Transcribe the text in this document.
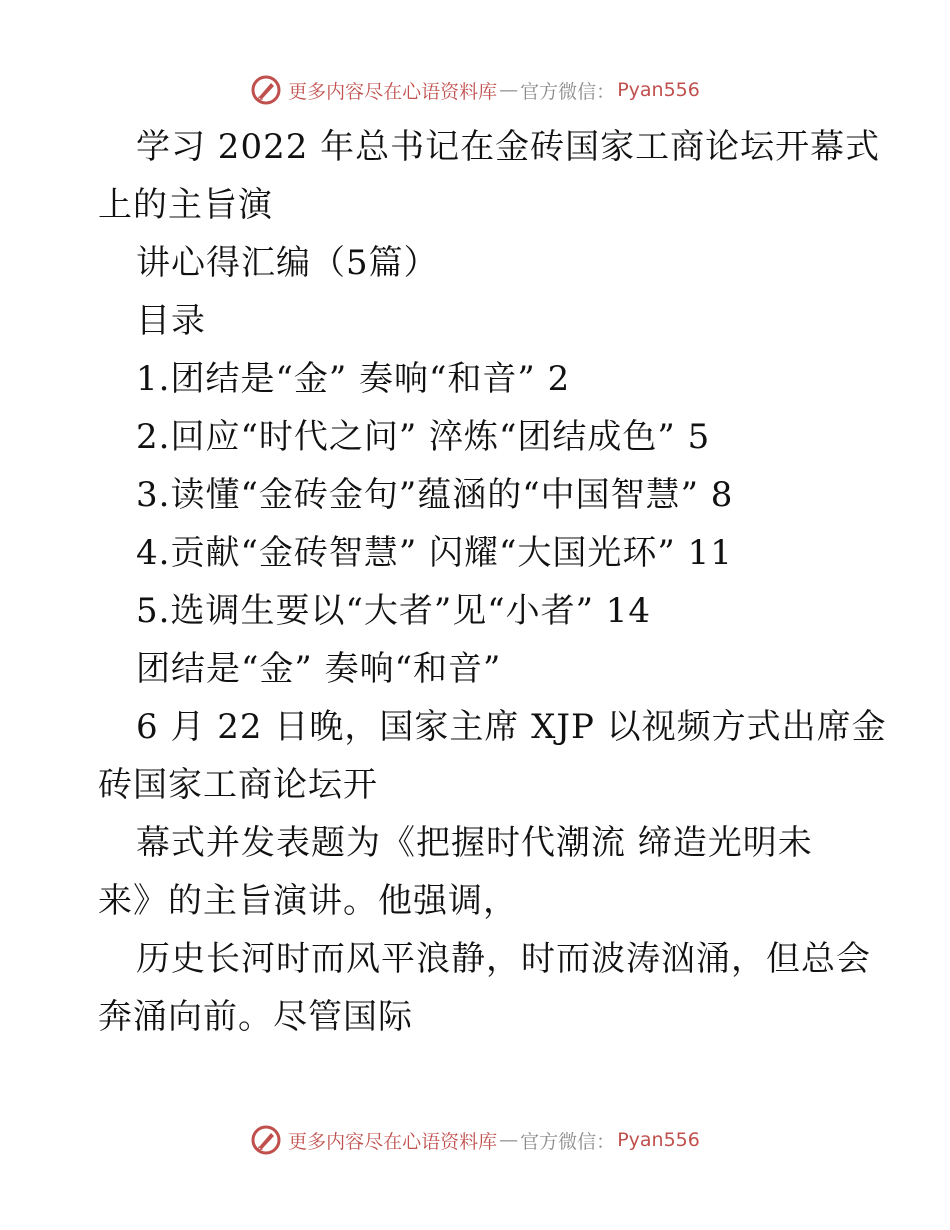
更多内容尽在心语资料库 — 官方微信： Pyan556
学习 2022 年总书记在金砖国家工商论坛开幕式
上的主旨演
讲心得汇编（5篇）
目录
1.团结是“金” 奏响“和音” 2
2.回应“时代之问” 淬炼“团结成色” 5
3.读懂“金砖金句”蕴涵的“中国智慧” 8
4.贡献“金砖智慧” 闪耀“大国光环” 11
5.选调生要以“大者”见“小者” 14
团结是“金” 奏响“和音”
6 月 22 日晚，国家主席 XJP 以视频方式出席金
砖国家工商论坛开
幕式并发表题为《把握时代潮流 缔造光明未
来》的主旨演讲。他强调，
历史长河时而风平浪静，时而波涛汹涌，但总会
奔涌向前。尽管国际
更多内容尽在心语资料库 — 官方微信： Pyan556
